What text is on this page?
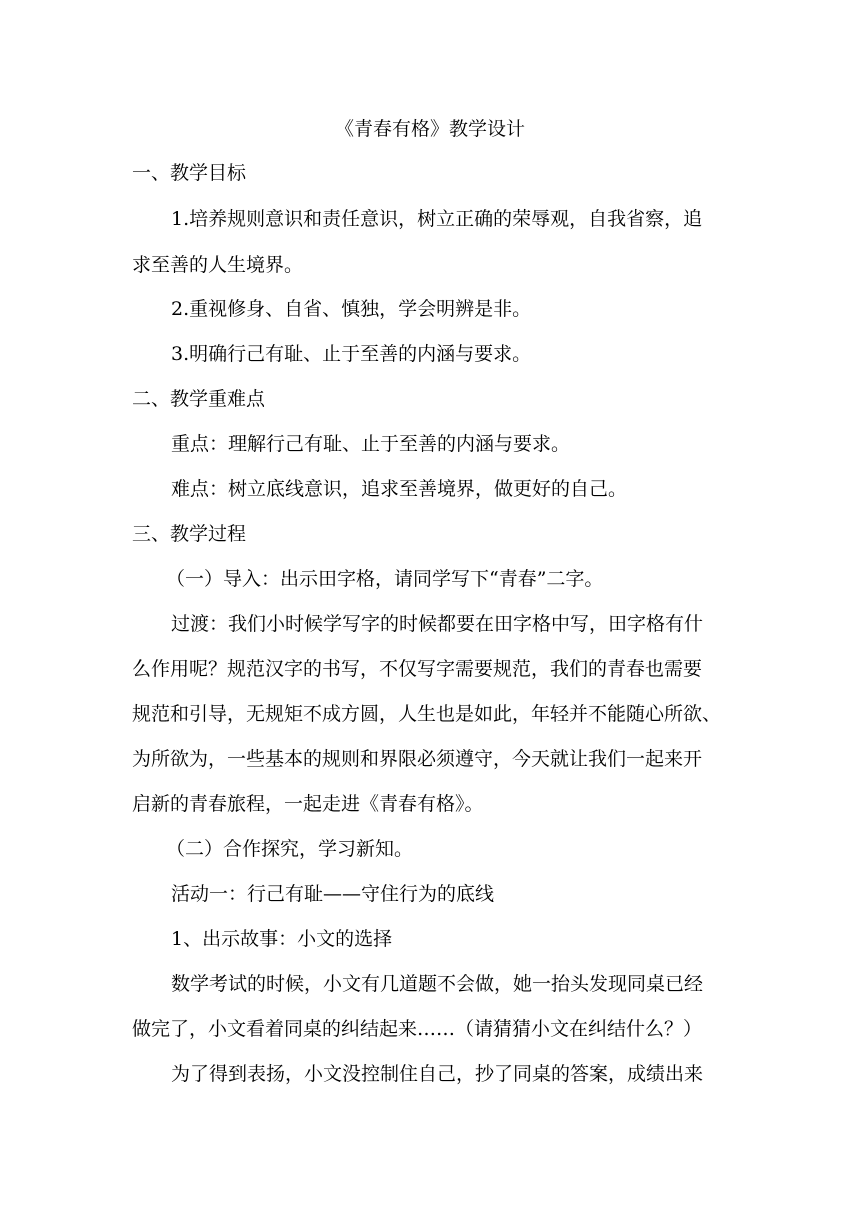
《青春有格》教学设计
一、教学目标
1.培养规则意识和责任意识，树立正确的荣辱观，自我省察，追
求至善的人生境界。
2.重视修身、自省、慎独，学会明辨是非。
3.明确行己有耻、止于至善的内涵与要求。
二、教学重难点
重点：理解行己有耻、止于至善的内涵与要求。
难点：树立底线意识，追求至善境界，做更好的自己。
三、教学过程
（一）导入：出示田字格，请同学写下“青春”二字。
过渡：我们小时候学写字的时候都要在田字格中写，田字格有什
么作用呢？规范汉字的书写，不仅写字需要规范，我们的青春也需要
规范和引导，无规矩不成方圆，人生也是如此，年轻并不能随心所欲、
为所欲为，一些基本的规则和界限必须遵守，今天就让我们一起来开
启新的青春旅程，一起走进《青春有格》。
（二）合作探究，学习新知。
活动一：行己有耻——守住行为的底线
1、出示故事：小文的选择
数学考试的时候，小文有几道题不会做，她一抬头发现同桌已经
做完了，小文看着同桌的纠结起来……（请猜猜小文在纠结什么？）
为了得到表扬，小文没控制住自己，抄了同桌的答案，成绩出来
